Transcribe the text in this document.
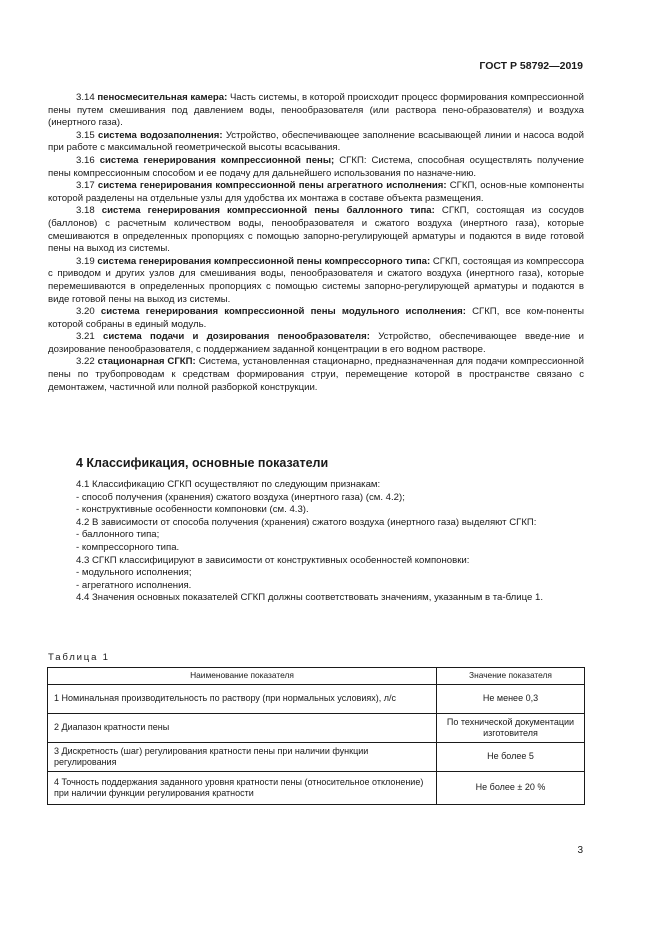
ГОСТ Р 58792—2019

3.14 пеносмесительная камера: Часть системы, в которой происходит процесс формирования компрессионной пены путем смешивания под давлением воды, пенообразователя (или раствора пено-образователя) и воздуха (инертного газа).

3.15 система водозаполнения: Устройство, обеспечивающее заполнение всасывающей линии и насоса водой при работе с максимальной геометрической высоты всасывания.

3.16 система генерирования компрессионной пены; СГКП: Система, способная осуществлять получение пены компрессионным способом и ее подачу для дальнейшего использования по назначе-нию.

3.17 система генерирования компрессионной пены агрегатного исполнения: СГКП, основ-ные компоненты которой разделены на отдельные узлы для удобства их монтажа в составе объекта размещения.

3.18 система генерирования компрессионной пены баллонного типа: СГКП, состоящая из сосудов (баллонов) с расчетным количеством воды, пенообразователя и сжатого воздуха (инертного газа), которые смешиваются в определенных пропорциях с помощью запорно-регулирующей арматуры и подаются в виде готовой пены на выход из системы.

3.19 система генерирования компрессионной пены компрессорного типа: СГКП, состоящая из компрессора с приводом и других узлов для смешивания воды, пенообразователя и сжатого воздуха (инертного газа), которые перемешиваются в определенных пропорциях с помощью системы запорно-регулирующей арматуры и подаются в виде готовой пены на выход из системы.

3.20 система генерирования компрессионной пены модульного исполнения: СГКП, все ком-поненты которой собраны в единый модуль.

3.21 система подачи и дозирования пенообразователя: Устройство, обеспечивающее введе-ние и дозирование пенообразователя, с поддержанием заданной концентрации в его водном растворе.

3.22 стационарная СГКП: Система, установленная стационарно, предназначенная для подачи компрессионной пены по трубопроводам к средствам формирования струи, перемещение которой в пространстве связано с демонтажем, частичной или полной разборкой конструкции.

4 Классификация, основные показатели

4.1 Классификацию СГКП осуществляют по следующим признакам:

- способ получения (хранения) сжатого воздуха (инертного газа) (см. 4.2);

- конструктивные особенности компоновки (см. 4.3).

4.2 В зависимости от способа получения (хранения) сжатого воздуха (инертного газа) выделяют СГКП:

- баллонного типа;

- компрессорного типа.

4.3 СГКП классифицируют в зависимости от конструктивных особенностей компоновки:

- модульного исполнения;

- агрегатного исполнения.

4.4 Значения основных показателей СГКП должны соответствовать значениям, указанным в та-блице 1.

Таблица 1
Наименование показателя	Значение показателя
1 Номинальная производительность по раствору (при нормальных условиях), л/с	Не менее 0,3
2 Диапазон кратности пены	По технической документации изготовителя
3 Дискретность (шаг) регулирования кратности пены при наличии функции регулирования	Не более 5
4 Точность поддержания заданного уровня кратности пены (относительное отклонение) при наличии функции регулирования кратности	Не более ± 20 %
3
